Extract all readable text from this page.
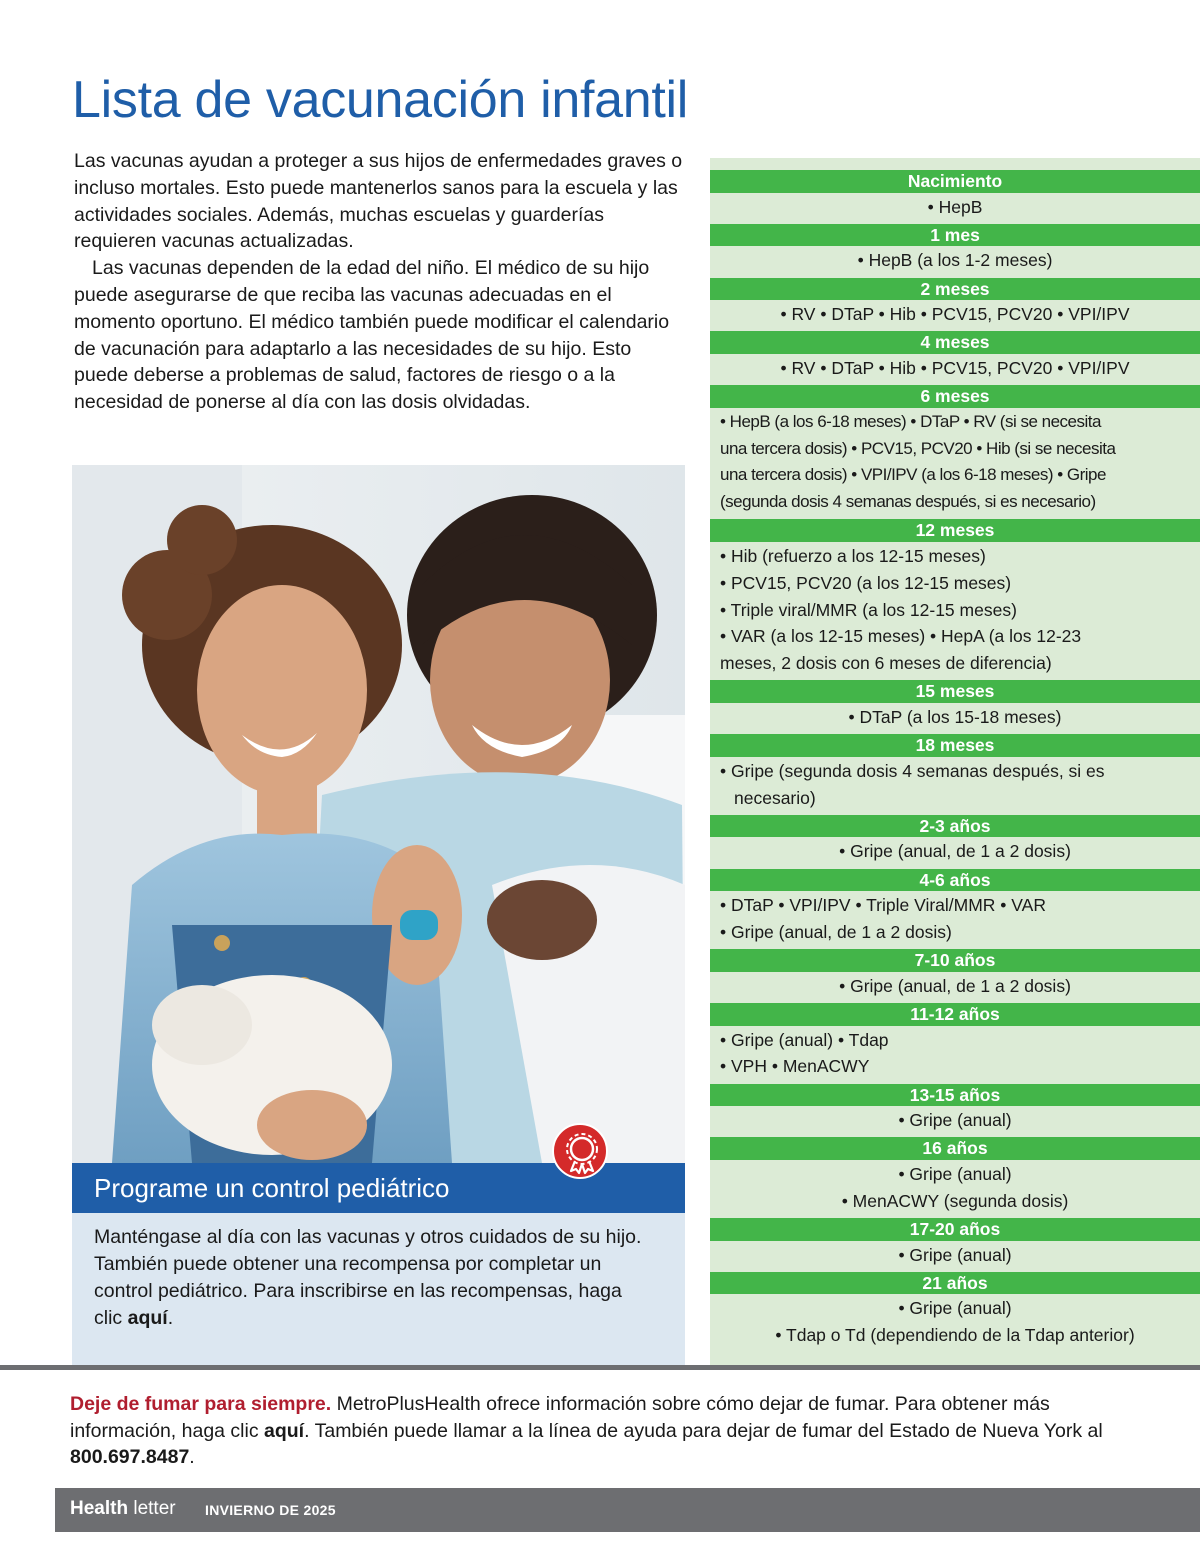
Lista de vacunación infantil

Las vacunas ayudan a proteger a sus hijos de enfermedades graves o incluso mortales. Esto puede mantenerlos sanos para la escuela y las actividades sociales. Además, muchas escuelas y guarderías requieren vacunas actualizadas.

Las vacunas dependen de la edad del niño. El médico de su hijo puede asegurarse de que reciba las vacunas adecuadas en el momento oportuno. El médico también puede modificar el calendario de vacunación para adaptarlo a las necesidades de su hijo. Esto puede deberse a problemas de salud, factores de riesgo o a la necesidad de ponerse al día con las dosis olvidadas.

Programe un control pediátrico
Manténgase al día con las vacunas y otros cuidados de su hijo. También puede obtener una recompensa por completar un control pediátrico. Para inscribirse en las recompensas, haga clic aquí.
Nacimiento
• HepB
1 mes
• HepB (a los 1-2 meses)
2 meses
• RV • DTaP • Hib • PCV15, PCV20 • VPI/IPV
4 meses
• RV • DTaP • Hib • PCV15, PCV20 • VPI/IPV
6 meses
• HepB (a los 6-18 meses) • DTaP • RV (si se necesita
una tercera dosis) • PCV15, PCV20 • Hib (si se necesita
una tercera dosis) • VPI/IPV (a los 6-18 meses) • Gripe
(segunda dosis 4 semanas después, si es necesario)
12 meses
• Hib (refuerzo a los 12-15 meses)
• PCV15, PCV20 (a los 12-15 meses)
• Triple viral/MMR (a los 12-15 meses)
• VAR (a los 12-15 meses) • HepA (a los 12-23
meses, 2 dosis con 6 meses de diferencia)
15 meses
• DTaP (a los 15-18 meses)
18 meses
• Gripe (segunda dosis 4 semanas después, si es
necesario)
2-3 años
• Gripe (anual, de 1 a 2 dosis)
4-6 años
• DTaP • VPI/IPV • Triple Viral/MMR • VAR
• Gripe (anual, de 1 a 2 dosis)
7-10 años
• Gripe (anual, de 1 a 2 dosis)
11-12 años
• Gripe (anual) • Tdap
• VPH • MenACWY
13-15 años
• Gripe (anual)
16 años
• Gripe (anual)
• MenACWY (segunda dosis)
17-20 años
• Gripe (anual)
21 años
• Gripe (anual)
• Tdap o Td (dependiendo de la Tdap anterior)
Deje de fumar para siempre. MetroPlusHealth ofrece información sobre cómo dejar de fumar. Para obtener más información, haga clic aquí. También puede llamar a la línea de ayuda para dejar de fumar del Estado de Nueva York al 800.697.8487.
Health letter INVIERNO DE 2025
